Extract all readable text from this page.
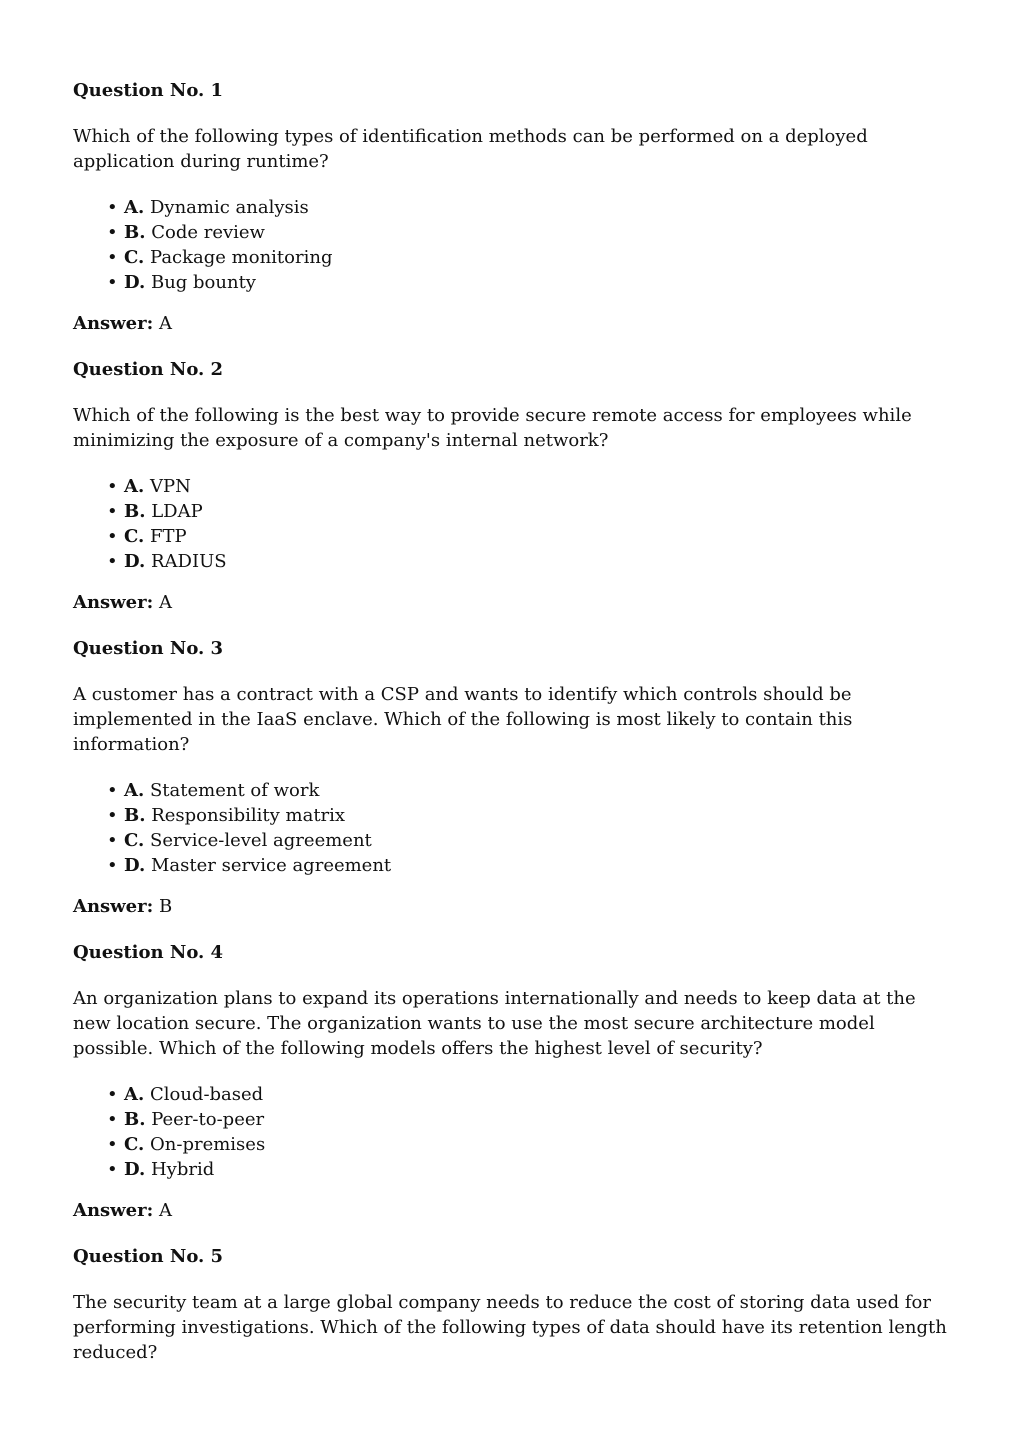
Question No. 1
Which of the following types of identification methods can be performed on a deployed application during runtime?
• A. Dynamic analysis
• B. Code review
• C. Package monitoring
• D. Bug bounty
Answer: A
Question No. 2
Which of the following is the best way to provide secure remote access for employees while minimizing the exposure of a company's internal network?
• A. VPN
• B. LDAP
• C. FTP
• D. RADIUS
Answer: A
Question No. 3
A customer has a contract with a CSP and wants to identify which controls should be implemented in the IaaS enclave. Which of the following is most likely to contain this information?
• A. Statement of work
• B. Responsibility matrix
• C. Service-level agreement
• D. Master service agreement
Answer: B
Question No. 4
An organization plans to expand its operations internationally and needs to keep data at the new location secure. The organization wants to use the most secure architecture model possible. Which of the following models offers the highest level of security?
• A. Cloud-based
• B. Peer-to-peer
• C. On-premises
• D. Hybrid
Answer: A
Question No. 5
The security team at a large global company needs to reduce the cost of storing data used for performing investigations. Which of the following types of data should have its retention length reduced?
